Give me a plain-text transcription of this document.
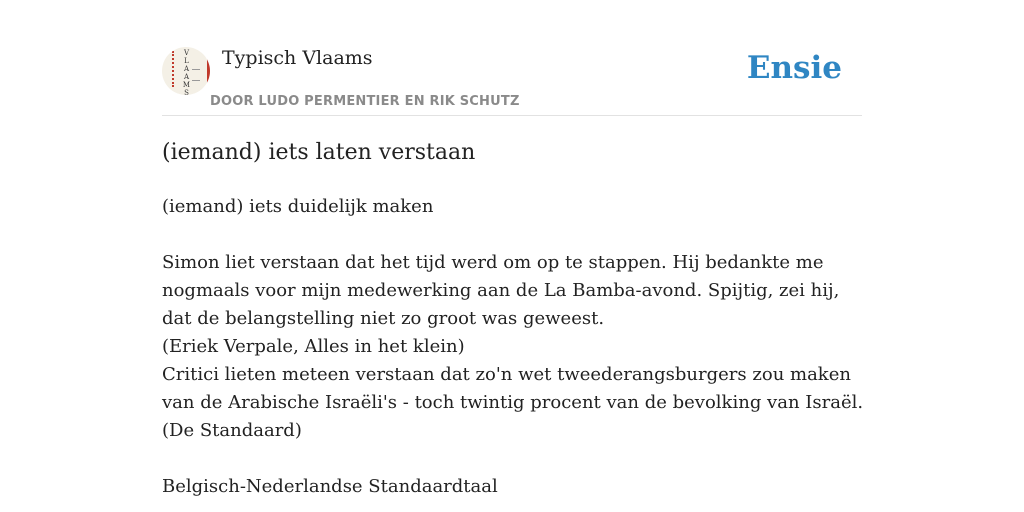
V
L
A
A
M
S
Typisch Vlaams
DOOR LUDO PERMENTIER EN RIK SCHUTZ
Ensie
(iemand) iets laten verstaan

(iemand) iets duidelijk maken

Simon liet verstaan dat het tijd werd om op te stappen. Hij bedankte me nogmaals voor mijn medewerking aan de La Bamba-avond. Spijtig, zei hij, dat de belangstelling niet zo groot was geweest.

(Eriek Verpale, Alles in het klein)

Critici lieten meteen verstaan dat zo'n wet tweederangsburgers zou maken van de Arabische Israëli's - toch twintig procent van de bevolking van Israël.

(De Standaard)

Belgisch-Nederlandse Standaardtaal
